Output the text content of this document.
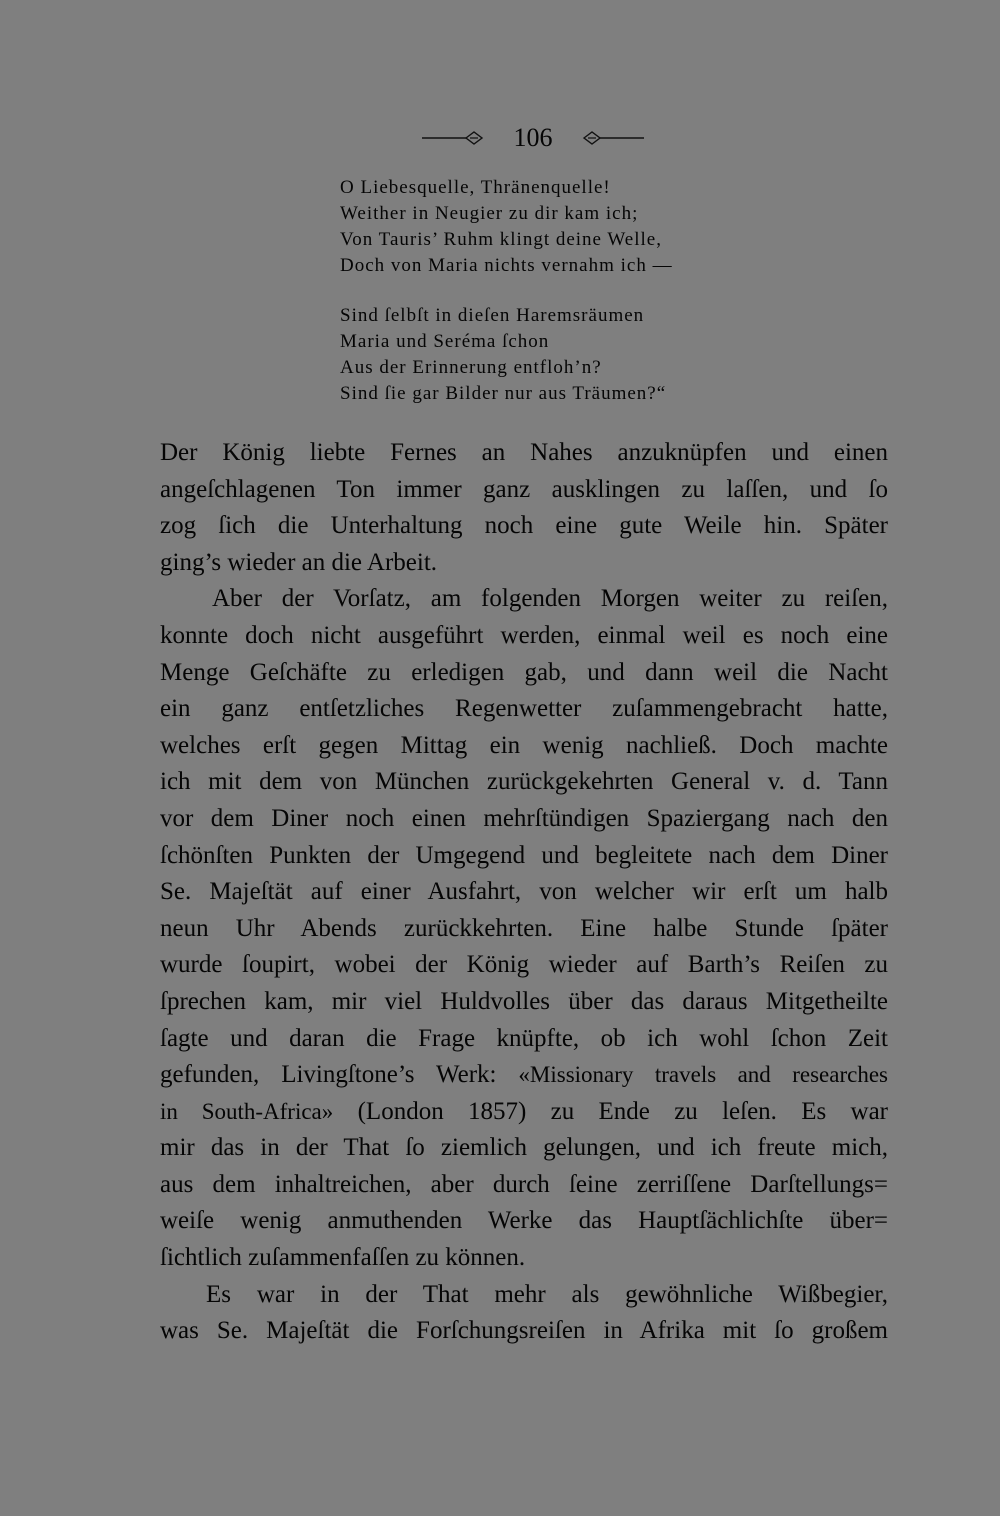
106
O Liebesquelle, Thränenquelle!
Weither in Neugier zu dir kam ich;
Von Tauris’ Ruhm klingt deine Welle,
Doch von Maria nichts vernahm ich —
Sind ſelbſt in dieſen Haremsräumen
Maria und Seréma ſchon
Aus der Erinnerung entfloh’n?
Sind ſie gar Bilder nur aus Träumen?“
Der König liebte Fernes an Nahes anzuknüpfen und einen
angeſchlagenen Ton immer ganz ausklingen zu laſſen, und ſo
zog ſich die Unterhaltung noch eine gute Weile hin. Später
ging’s wieder an die Arbeit.
Aber der Vorſatz, am folgenden Morgen weiter zu reiſen,
konnte doch nicht ausgeführt werden, einmal weil es noch eine
Menge Geſchäfte zu erledigen gab, und dann weil die Nacht
ein ganz entſetzliches Regenwetter zuſammengebracht hatte,
welches erſt gegen Mittag ein wenig nachließ. Doch machte
ich mit dem von München zurückgekehrten General v. d. Tann
vor dem Diner noch einen mehrſtündigen Spaziergang nach den
ſchönſten Punkten der Umgegend und begleitete nach dem Diner
Se. Majeſtät auf einer Ausfahrt, von welcher wir erſt um halb
neun Uhr Abends zurückkehrten. Eine halbe Stunde ſpäter
wurde ſoupirt, wobei der König wieder auf Barth’s Reiſen zu
ſprechen kam, mir viel Huldvolles über das daraus Mitgetheilte
ſagte und daran die Frage knüpfte, ob ich wohl ſchon Zeit
gefunden, Livingſtone’s Werk: «Missionary travels and researches
in South-Africa» (London 1857) zu Ende zu leſen. Es war
mir das in der That ſo ziemlich gelungen, und ich freute mich,
aus dem inhaltreichen, aber durch ſeine zerriſſene Darſtellungs=
weiſe wenig anmuthenden Werke das Hauptſächlichſte über=
ſichtlich zuſammenfaſſen zu können.
Es war in der That mehr als gewöhnliche Wißbegier,
was Se. Majeſtät die Forſchungsreiſen in Afrika mit ſo großem
